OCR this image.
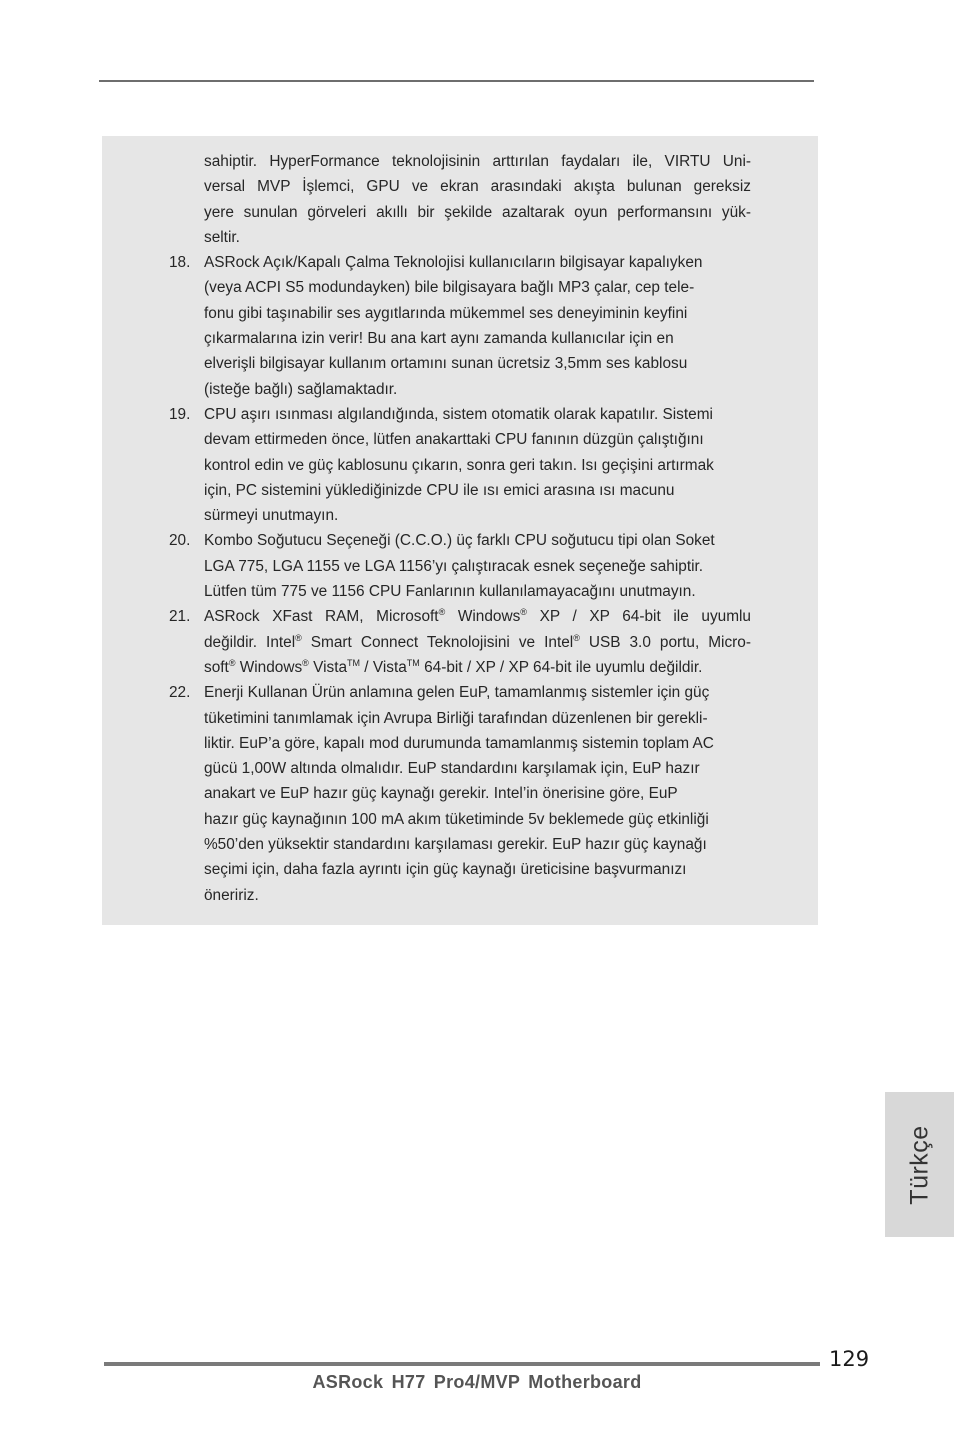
sahiptir. HyperFormance teknolojisinin arttırılan faydaları ile, VIRTU Uni-
versal MVP İşlemci, GPU ve ekran arasındaki akışta bulunan gereksiz
yere sunulan görveleri akıllı bir şekilde azaltarak oyun performansını yük-
seltir.
18. ASRock Açık/Kapalı Çalma Teknolojisi kullanıcıların bilgisayar kapalıyken
(veya ACPI S5 modundayken) bile bilgisayara bağlı MP3 çalar, cep tele-
fonu gibi taşınabilir ses aygıtlarında mükemmel ses deneyiminin keyfini
çıkarmalarına izin verir! Bu ana kart aynı zamanda kullanıcılar için en
elverişli bilgisayar kullanım ortamını sunan ücretsiz 3,5mm ses kablosu
(isteğe bağlı) sağlamaktadır.
19. CPU aşırı ısınması algılandığında, sistem otomatik olarak kapatılır. Sistemi
devam ettirmeden önce, lütfen anakarttaki CPU fanının düzgün çalıştığını
kontrol edin ve güç kablosunu çıkarın, sonra geri takın. Isı geçişini artırmak
için, PC sistemini yüklediğinizde CPU ile ısı emici arasına ısı macunu
sürmeyi unutmayın.
20. Kombo Soğutucu Seçeneği (C.C.O.) üç farklı CPU soğutucu tipi olan Soket
LGA 775, LGA 1155 ve LGA 1156’yı çalıştıracak esnek seçeneğe sahiptir.
Lütfen tüm 775 ve 1156 CPU Fanlarının kullanılamayacağını unutmayın.
21. ASRock XFast RAM, Microsoft® Windows® XP / XP 64-bit ile uyumlu
değildir. Intel® Smart Connect Teknolojisini ve Intel® USB 3.0 portu, Micro-
soft® Windows® Vista™ / Vista™ 64-bit / XP / XP 64-bit ile uyumlu değildir.
22. Enerji Kullanan Ürün anlamına gelen EuP, tamamlanmış sistemler için güç
tüketimini tanımlamak için Avrupa Birliği tarafından düzenlenen bir gerekli-
liktir. EuP’a göre, kapalı mod durumunda tamamlanmış sistemin toplam AC
gücü 1,00W altında olmalıdır. EuP standardını karşılamak için, EuP hazır
anakart ve EuP hazır güç kaynağı gerekir. Intel’in önerisine göre, EuP
hazır güç kaynağının 100 mA akım tüketiminde 5v beklemede güç etkinliği
%50’den yüksektir standardını karşılaması gerekir. EuP hazır güç kaynağı
seçimi için, daha fazla ayrıntı için güç kaynağı üreticisine başvurmanızı
öneririz.
Türkçe
129
ASRock H77 Pro4/MVP Motherboard
